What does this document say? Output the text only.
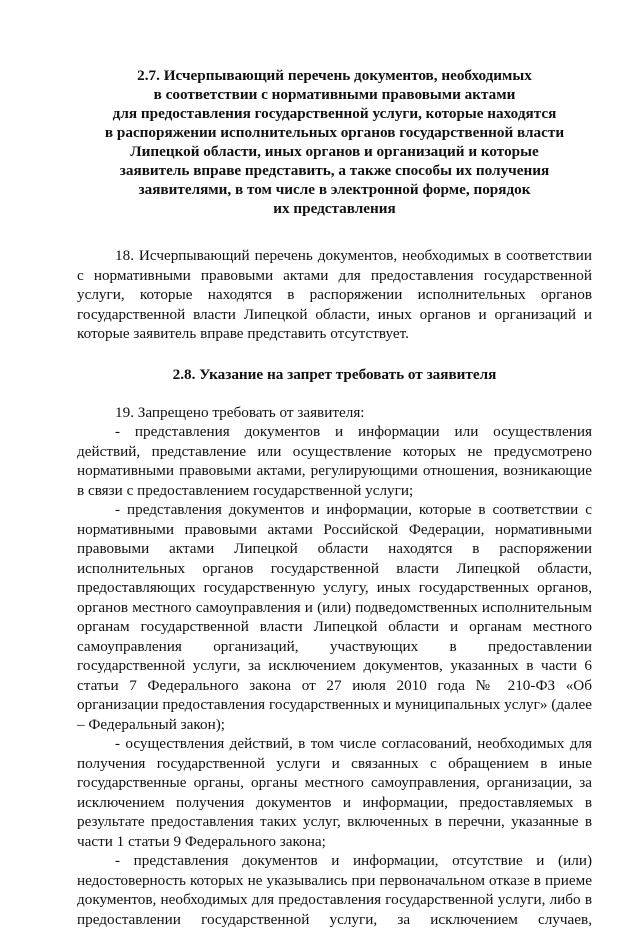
2.7. Исчерпывающий перечень документов, необходимых
в соответствии с нормативными правовыми актами
для предоставления государственной услуги, которые находятся
в распоряжении исполнительных органов государственной власти
Липецкой области, иных органов и организаций и которые
заявитель вправе представить, а также способы их получения
заявителями, в том числе в электронной форме, порядок
их представления

18. Исчерпывающий перечень документов, необходимых в соответствии с нормативными правовыми актами для предоставления государственной услуги, которые находятся в распоряжении исполнительных органов государственной власти Липецкой области, иных органов и организаций и которые заявитель вправе представить отсутствует.

2.8. Указание на запрет требовать от заявителя

19. Запрещено требовать от заявителя:

- представления документов и информации или осуществления действий, представление или осуществление которых не предусмотрено нормативными правовыми актами, регулирующими отношения, возникающие в связи с предоставлением государственной услуги;

- представления документов и информации, которые в соответствии с нормативными правовыми актами Российской Федерации, нормативными правовыми актами Липецкой области находятся в распоряжении исполнительных органов государственной власти Липецкой области, предоставляющих государственную услугу, иных государственных органов, органов местного самоуправления и (или) подведомственных исполнительным органам государственной власти Липецкой области и органам местного самоуправления организаций, участвующих в предоставлении государственной услуги, за исключением документов, указанных в части 6 статьи 7 Федерального закона от 27 июля 2010 года № 210-ФЗ «Об организации предоставления государственных и муниципальных услуг» (далее – Федеральный закон);

- осуществления действий, в том числе согласований, необходимых для получения государственной услуги и связанных с обращением в иные государственные органы, органы местного самоуправления, организации, за исключением получения документов и информации, предоставляемых в результате предоставления таких услуг, включенных в перечни, указанные в части 1 статьи 9 Федерального закона;

- представления документов и информации, отсутствие и (или) недостоверность которых не указывались при первоначальном отказе в приеме документов, необходимых для предоставления государственной услуги, либо в предоставлении государственной услуги, за исключением случаев,
